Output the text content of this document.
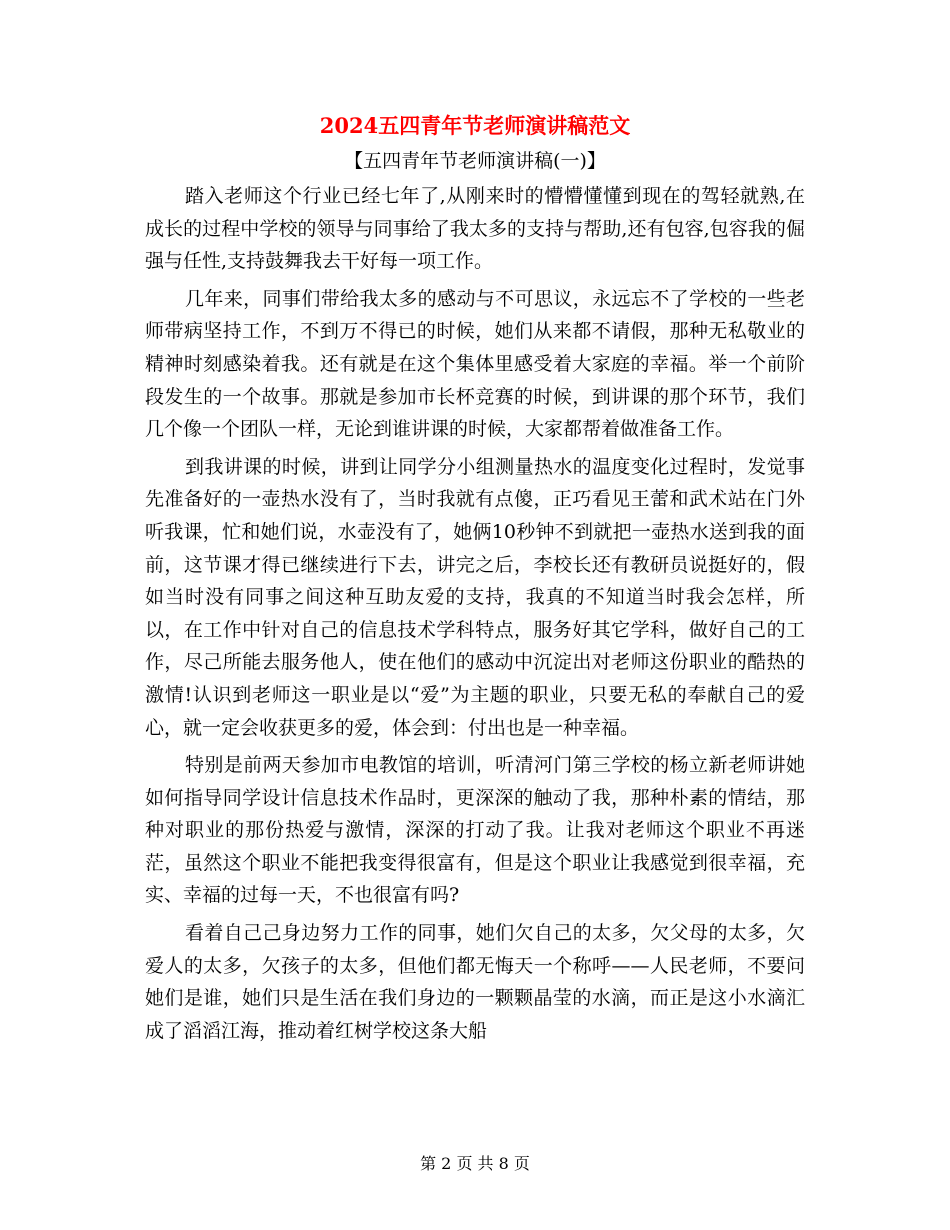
2024五四青年节老师演讲稿范文

【五四青年节老师演讲稿(一)】

踏入老师这个行业已经七年了,从刚来时的懵懵懂懂到现在的驾轻就熟,在成长的过程中学校的领导与同事给了我太多的支持与帮助,还有包容,包容我的倔强与任性,支持鼓舞我去干好每一项工作。

几年来，同事们带给我太多的感动与不可思议，永远忘不了学校的一些老师带病坚持工作，不到万不得已的时候，她们从来都不请假，那种无私敬业的精神时刻感染着我。还有就是在这个集体里感受着大家庭的幸福。举一个前阶段发生的一个故事。那就是参加市长杯竞赛的时候，到讲课的那个环节，我们几个像一个团队一样，无论到谁讲课的时候，大家都帮着做准备工作。

到我讲课的时候，讲到让同学分小组测量热水的温度变化过程时，发觉事先准备好的一壶热水没有了，当时我就有点傻，正巧看见王蕾和武术站在门外听我课，忙和她们说，水壶没有了，她俩10秒钟不到就把一壶热水送到我的面前，这节课才得已继续进行下去，讲完之后，李校长还有教研员说挺好的，假如当时没有同事之间这种互助友爱的支持，我真的不知道当时我会怎样，所以，在工作中针对自己的信息技术学科特点，服务好其它学科，做好自己的工作，尽己所能去服务他人，使在他们的感动中沉淀出对老师这份职业的酷热的激情!认识到老师这一职业是以“爱”为主题的职业，只要无私的奉献自己的爱心，就一定会收获更多的爱，体会到：付出也是一种幸福。

特别是前两天参加市电教馆的培训，听清河门第三学校的杨立新老师讲她如何指导同学设计信息技术作品时，更深深的触动了我，那种朴素的情结，那种对职业的那份热爱与激情，深深的打动了我。让我对老师这个职业不再迷茫，虽然这个职业不能把我变得很富有，但是这个职业让我感觉到很幸福，充实、幸福的过每一天，不也很富有吗?

看着自己己身边努力工作的同事，她们欠自己的太多，欠父母的太多，欠爱人的太多，欠孩子的太多，但他们都无悔天一个称呼——人民老师，不要问她们是谁，她们只是生活在我们身边的一颗颗晶莹的水滴，而正是这小水滴汇成了滔滔江海，推动着红树学校这条大船

第 2 页 共 8 页
